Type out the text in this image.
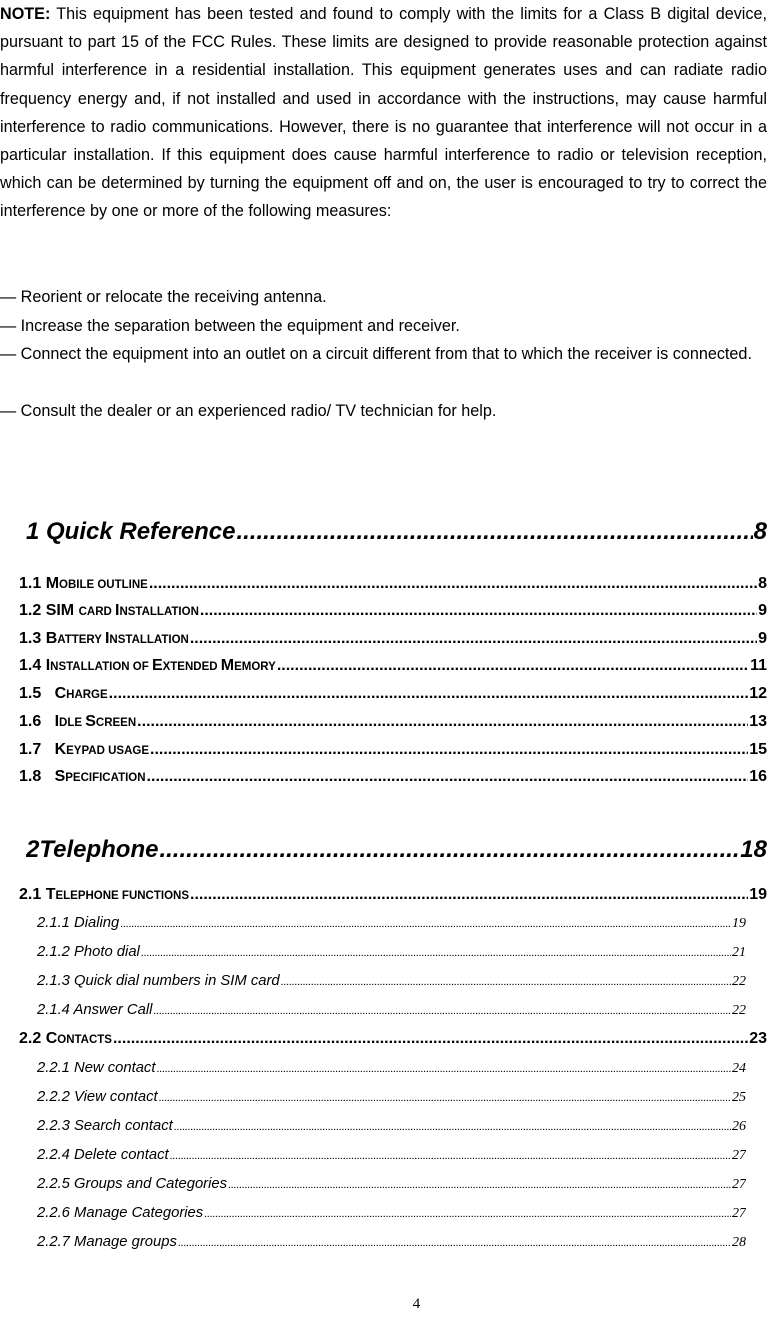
NOTE: This equipment has been tested and found to comply with the limits for a Class B digital device, pursuant to part 15 of the FCC Rules. These limits are designed to provide reasonable protection against harmful interference in a residential installation. This equipment generates uses and can radiate radio frequency energy and, if not installed and used in accordance with the instructions, may cause harmful interference to radio communications. However, there is no guarantee that interference will not occur in a particular installation. If this equipment does cause harmful interference to radio or television reception, which can be determined by turning the equipment off and on, the user is encouraged to try to correct the interference by one or more of the following measures:

— Reorient or relocate the receiving antenna.
— Increase the separation between the equipment and receiver.
— Connect the equipment into an outlet on a circuit different from that to which the receiver is connected.
— Consult the dealer or an experienced radio/ TV technician for help.
1 Quick Reference .....	8
1.1 MOBILE OUTLINE .....	8
1.2 SIM CARD INSTALLATION .....	9
1.3 BATTERY INSTALLATION .....	9
1.4 INSTALLATION OF EXTENDED MEMORY .....	11
1.5   CHARGE .....	12
1.6   IDLE SCREEN .....	13
1.7   KEYPAD USAGE .....	15
1.8   SPECIFICATION .....	16
2Telephone .....	18
2.1 TELEPHONE FUNCTIONS .....	19
2.1.1 Dialing .....	19
2.1.2 Photo dial .....	21
2.1.3 Quick dial numbers in SIM card .....	22
2.1.4 Answer Call .....	22
2.2 CONTACTS .....	23
2.2.1 New contact .....	24
2.2.2 View contact .....	25
2.2.3 Search contact .....	26
2.2.4 Delete contact .....	27
2.2.5 Groups and Categories .....	27
2.2.6 Manage Categories .....	27
2.2.7 Manage groups .....	28
4
